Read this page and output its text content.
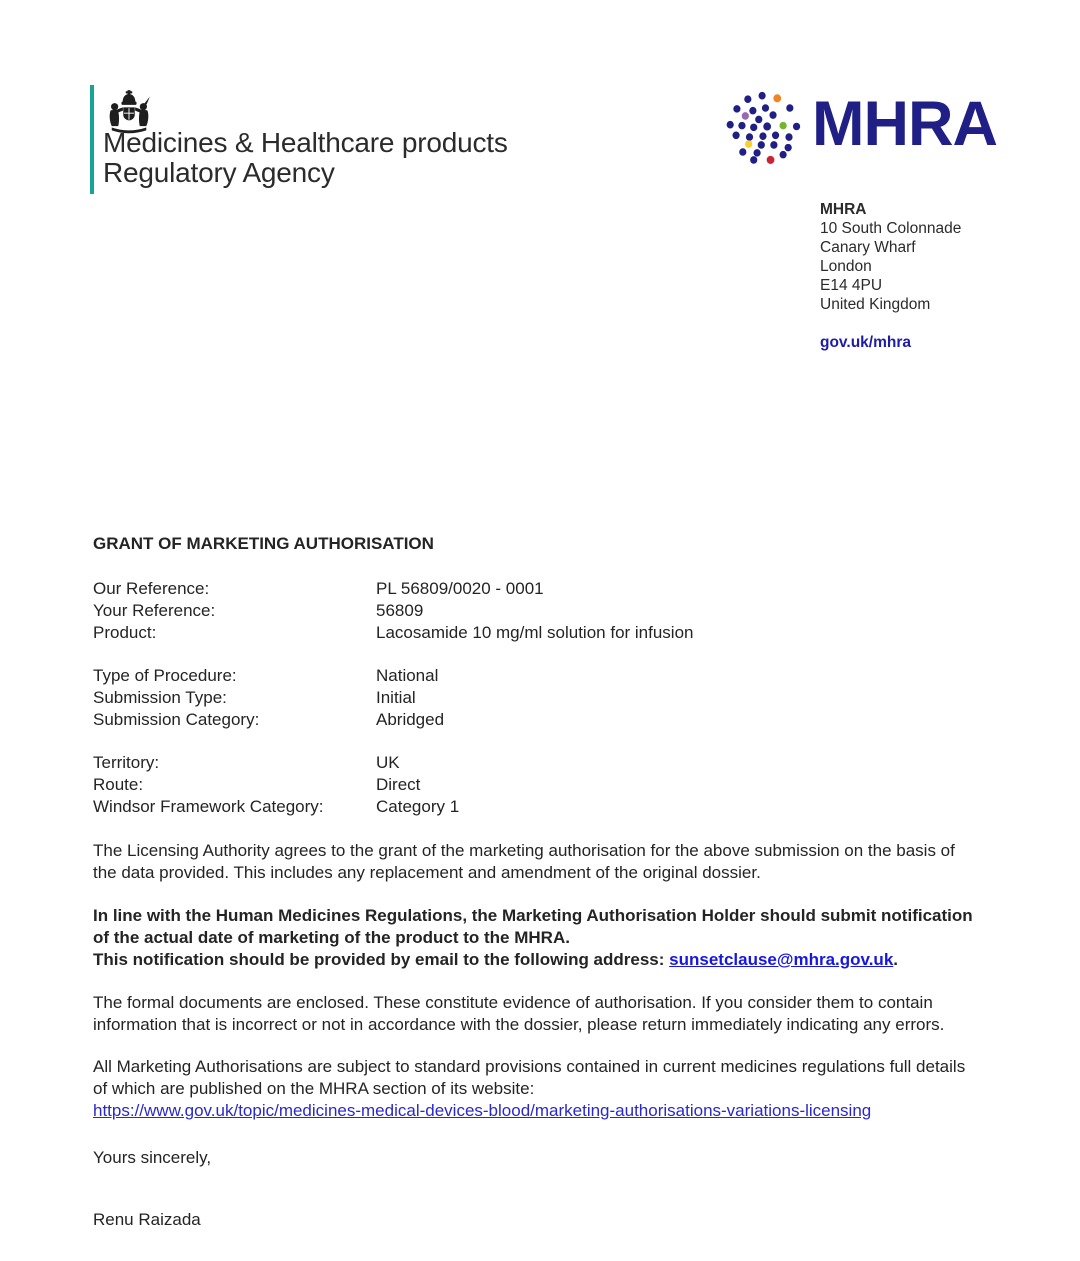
Medicines & Healthcare products
Regulatory Agency
MHRA
MHRA
10 South Colonnade
Canary Wharf
London
E14 4PU
United Kingdom
gov.uk/mhra
GRANT OF MARKETING AUTHORISATION
Our Reference:	PL 56809/0020 - 0001
Your Reference:	56809
Product:	Lacosamide 10 mg/ml solution for infusion
Type of Procedure:	National
Submission Type:	Initial
Submission Category:	Abridged
Territory:	UK
Route:	Direct
Windsor Framework Category:	Category 1
The Licensing Authority agrees to the grant of the marketing authorisation for the above submission on the basis of
the data provided. This includes any replacement and amendment of the original dossier.
In line with the Human Medicines Regulations, the Marketing Authorisation Holder should submit notification
of the actual date of marketing of the product to the MHRA.
This notification should be provided by email to the following address: sunsetclause@mhra.gov.uk.
The formal documents are enclosed. These constitute evidence of authorisation. If you consider them to contain
information that is incorrect or not in accordance with the dossier, please return immediately indicating any errors.
All Marketing Authorisations are subject to standard provisions contained in current medicines regulations full details
of which are published on the MHRA section of its website:
https://www.gov.uk/topic/medicines-medical-devices-blood/marketing-authorisations-variations-licensing
Yours sincerely,
Renu Raizada
